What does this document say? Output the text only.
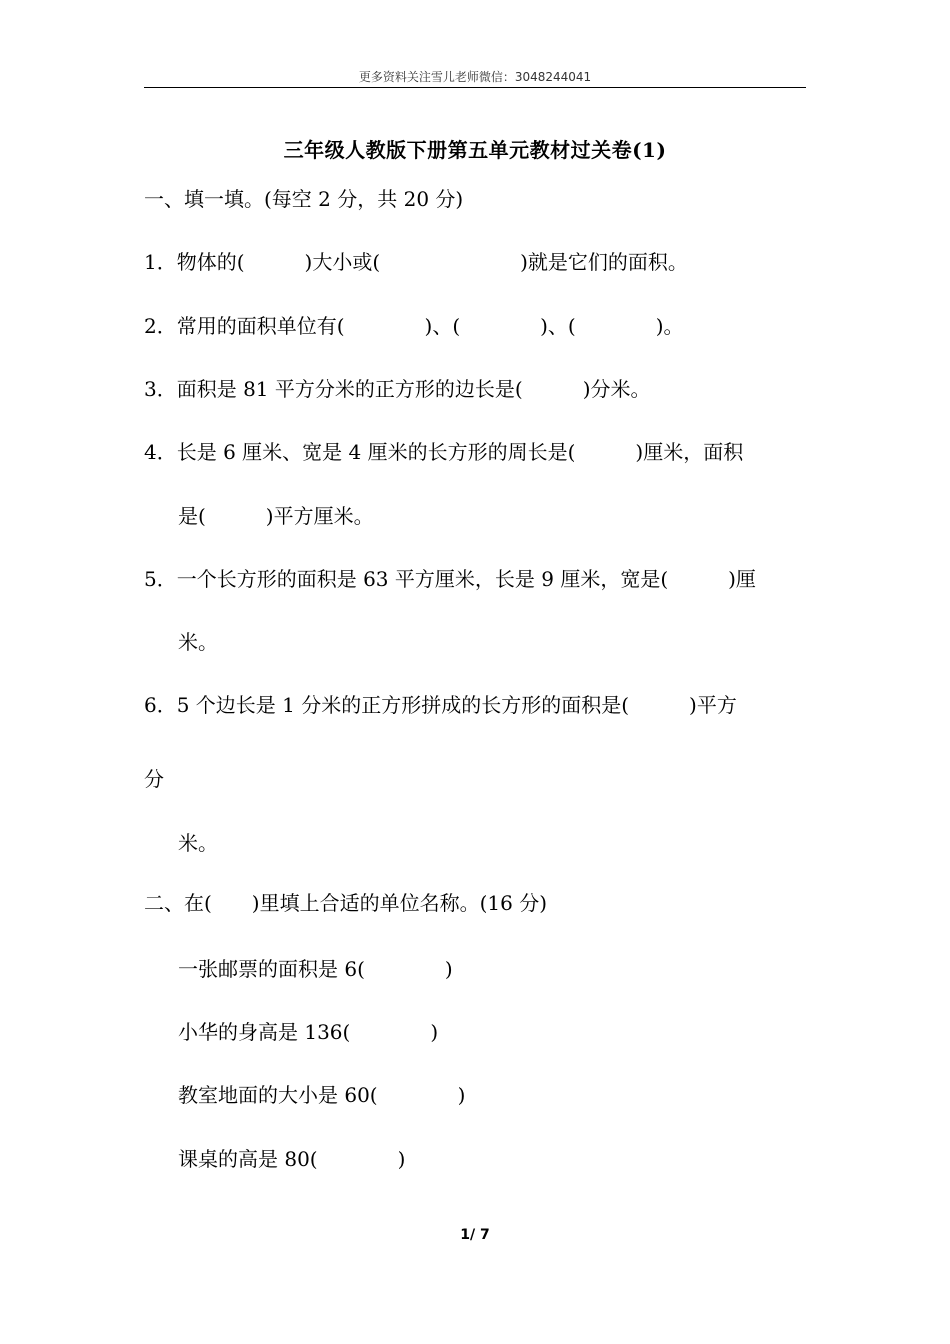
更多资料关注雪儿老师微信：3048244041
三年级人教版下册第五单元教材过关卷(1)
一、填一填。(每空 2 分，共 20 分)
1．物体的(　　　)大小或(　　　　　　　)就是它们的面积。
2．常用的面积单位有(　　　　)、(　　　　)、(　　　　)。
3．面积是 81 平方分米的正方形的边长是(　　　)分米。
4．长是 6 厘米、宽是 4 厘米的长方形的周长是(　　　)厘米，面积
是(　　　)平方厘米。
5．一个长方形的面积是 63 平方厘米，长是 9 厘米，宽是(　　　)厘
米。
6．5 个边长是 1 分米的正方形拼成的长方形的面积是(　　　)平方
分
米。
二、在(　　)里填上合适的单位名称。(16 分)
一张邮票的面积是 6(　　　　)
小华的身高是 136(　　　　)
教室地面的大小是 60(　　　　)
课桌的高是 80(　　　　)
1/ 7
